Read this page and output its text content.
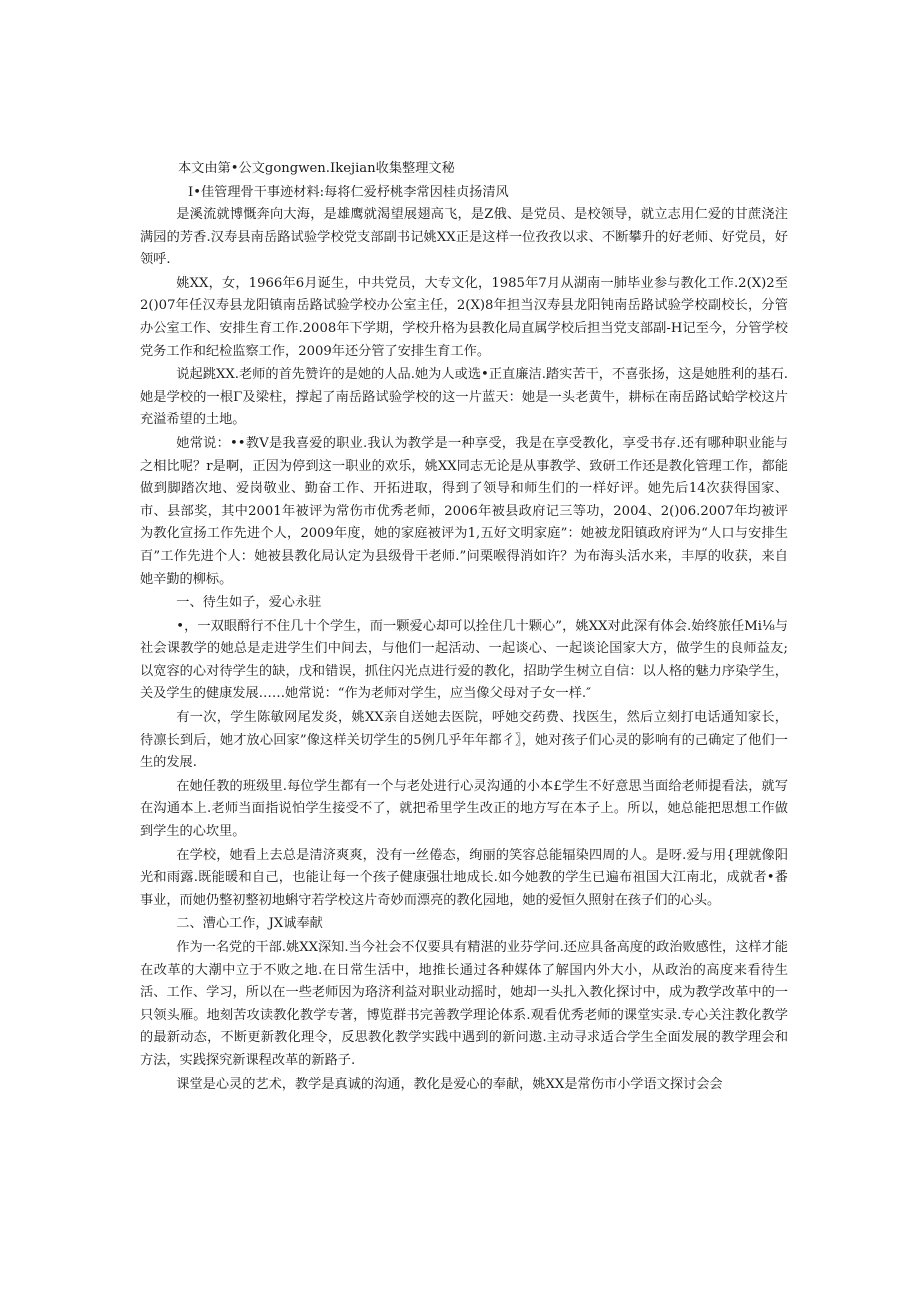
本文由第•公文gongwen.Ikejian收集整理文秘
I•佳管理骨干事迹材料:每将仁爱杼桃李常因桂贞扬清风

是溪流就博慨奔向大海，是雄鹰就渴望展翅高飞，是Z俄、是党员、是校领导，就立志用仁爱的甘蔗浇注满园的芳香.汉寿县南岳路试验学校党支部副书记姚XX正是这样一位孜孜以求、不断攀升的好老师、好党员，好领呼.

姚XX，女，1966年6月诞生，中共党员，大专文化，1985年7月从湖南一肺毕业参与教化工作.2(X)2至2()07年任汉寿县龙阳镇南岳路试验学校办公室主任，2(X)8年担当汉寿县龙阳钝南岳路试验学校副校长，分管办公室工作、安排生育工作.2008年下学期，学校升格为县教化局直属学校后担当党支部副-H记至今，分管学校党务工作和纪检监察工作，2009年还分管了安排生育工作。

说起跳XX.老师的首先赞许的是她的人品.她为人或选•正直廉洁.踏实苦干，不喜张扬，这是她胜利的基石.她是学校的一根Γ及梁柱，撑起了南岳路试验学校的这一片蓝天：她是一头老黄牛，耕标在南岳路试蛤学校这片充溢希望的土地。

她常说：••教V是我喜爱的职业.我认为教学是一种享受，我是在享受教化，享受书存.还有哪种职业能与之相比呢？r是啊，正因为停到这一职业的欢乐，姚XX同志无论是从事教学、致研工作还是教化管理工作，都能做到脚踏次地、爱岗敬业、勤奋工作、开拓进取，得到了领导和师生们的一样好评。她先后14次获得国家、市、县部奖，其中2001年被评为常伤市优秀老师，2006年被县政府记三等功，2004、2()06.2007年均被评为教化宣扬工作先进个人，2009年度，她的家庭被评为1,五好文明家庭”：她被龙阳镇政府评为“人口与安排生百”工作先进个人：她被县教化局认定为县级骨干老师.”问栗喉得消如许？为布海头活水来，丰厚的收获，来自她辛勤的柳标。

一、待生如子，爱心永驻

•，一双眼酹行不住几十个学生，而一颗爱心却可以拴住几十颗心”，姚XX对此深有体会.始终旅任Mi⅛与社会课教学的她总是走进学生们中间去，与他们一起活动、一起谈心、一起谈论国家大方，做学生的良师益友;以宽容的心对待学生的缺，戊和错误，抓住闪光点进行爱的教化，招助学生树立自信：以人格的魅力序染学生，关及学生的健康发展……她常说：“作为老师对学生，应当像父母对子女一样.″

有一次，学生陈敏网尾发炎，姚XX亲自送她去医院，呼她交药费、找医生，然后立刻打电话通知家长，待凛长到后，她才放心回家”像这样关切学生的5例几乎年年都彳〗，她对孩子们心灵的影响有的己确定了他们一生的发展.

在她任教的班级里.每位学生都有一个与老处进行心灵沟通的小本£学生不好意思当面给老师提看法，就写在沟通本上.老师当面指说怕学生接受不了，就把希里学生改正的地方写在本子上。所以，她总能把思想工作做到学生的心坎里。

在学校，她看上去总是清济爽爽，没有一丝倦态，绚丽的笑容总能辐染四周的人。是呀.爱与用{理就像阳光和雨露.既能暖和自己，也能让每一个孩子健康强壮地成长.如今她教的学生已遍布祖国大江南北，成就者•番事业，而她仍整初整初地蝌守若学校这片奇妙而漂亮的教化园地，她的爱恒久照射在孩子们的心头。

二、漕心工作，JX诚奉献

作为一名党的干部.姚XX深知.当今社会不仅要具有精湛的业芬学问.还应具备高度的政治败感性，这样才能在改革的大潮中立于不败之地.在日常生活中，地推长通过各种媒体了解国内外大小，从政治的高度来看待生活、工作、学习，所以在一些老师因为珞济利益对职业动摇时，她却一头扎入教化探讨中，成为教学改革中的一只领头雁。地刻苦攻读教化教学专著，博览群书完善教学理论体系.观看优秀老师的课堂实录.专心关注教化教学的最新动态，不断更新教化理令，反思教化教学实践中遇到的新问遨.主动寻求适合学生全面发展的教学理会和方法，实践探究新课程改革的新路子.

课堂是心灵的艺术，教学是真诚的沟通，教化是爱心的奉献，姚XX是常伤市小学语文探讨会会
